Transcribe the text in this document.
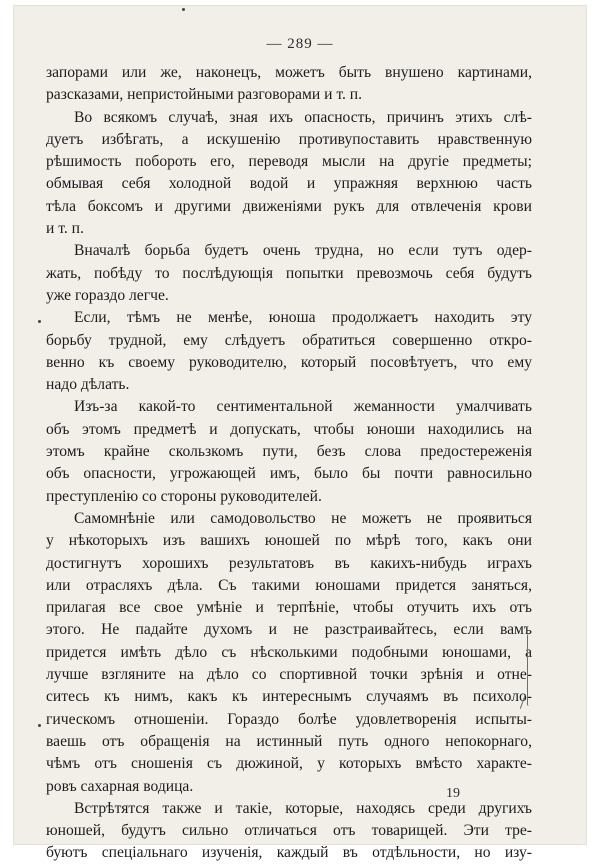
— 289 —
запорами или же, наконецъ, можетъ быть внушено картинами,
разсказами, непристойными разговорами и т. п.
Во всякомъ случаѣ, зная ихъ опасность, причинъ этихъ слѣ-
дуетъ избѣгать, а искушенію противупоставить нравственную
рѣшимость побороть его, переводя мысли на другіе предметы;
обмывая себя холодной водой и упражняя верхнюю часть
тѣла боксомъ и другими движеніями рукъ для отвлеченія крови
и т. п.
Вначалѣ борьба будетъ очень трудна, но если тутъ одер-
жать, побѣду то послѣдующія попытки превозмочь себя будутъ
уже гораздо легче.
Если, тѣмъ не менѣе, юноша продолжаетъ находить эту
борьбу трудной, ему слѣдуетъ обратиться совершенно откро-
венно къ своему руководителю, который посовѣтуетъ, что ему
надо дѣлать.
Изъ-за какой-то сентиментальной жеманности умалчивать
объ этомъ предметѣ и допускать, чтобы юноши находились на
этомъ крайне скользкомъ пути, безъ слова предостереженія
объ опасности, угрожающей имъ, было бы почти равносильно
преступленію со стороны руководителей.
Самомнѣніе или самодовольство не можетъ не проявиться
у нѣкоторыхъ изъ вашихъ юношей по мѣрѣ того, какъ они
достигнутъ хорошихъ результатовъ въ какихъ-нибудь играхъ
или отрасляхъ дѣла. Съ такими юношами придется заняться,
прилагая все свое умѣніе и терпѣніе, чтобы отучить ихъ отъ
этого. Не падайте духомъ и не разстраивайтесь, если вамъ
придется имѣть дѣло съ нѣсколькими подобными юношами, а
лучше взгляните на дѣло со спортивной точки зрѣнія и отне-
ситесь къ нимъ, какъ къ интереснымъ случаямъ въ психоло-
гическомъ отношеніи. Гораздо болѣе удовлетворенія испыты-
ваешь отъ обращенія на истинный путь одного непокорнаго,
чѣмъ отъ сношенія съ дюжиной, у которыхъ вмѣсто характе-
ровъ сахарная водица.
Встрѣтятся также и такіе, которые, находясь среди другихъ
юношей, будутъ сильно отличаться отъ товарищей. Эти тре-
буютъ спеціальнаго изученія, каждый въ отдѣльности, но изу-
19
